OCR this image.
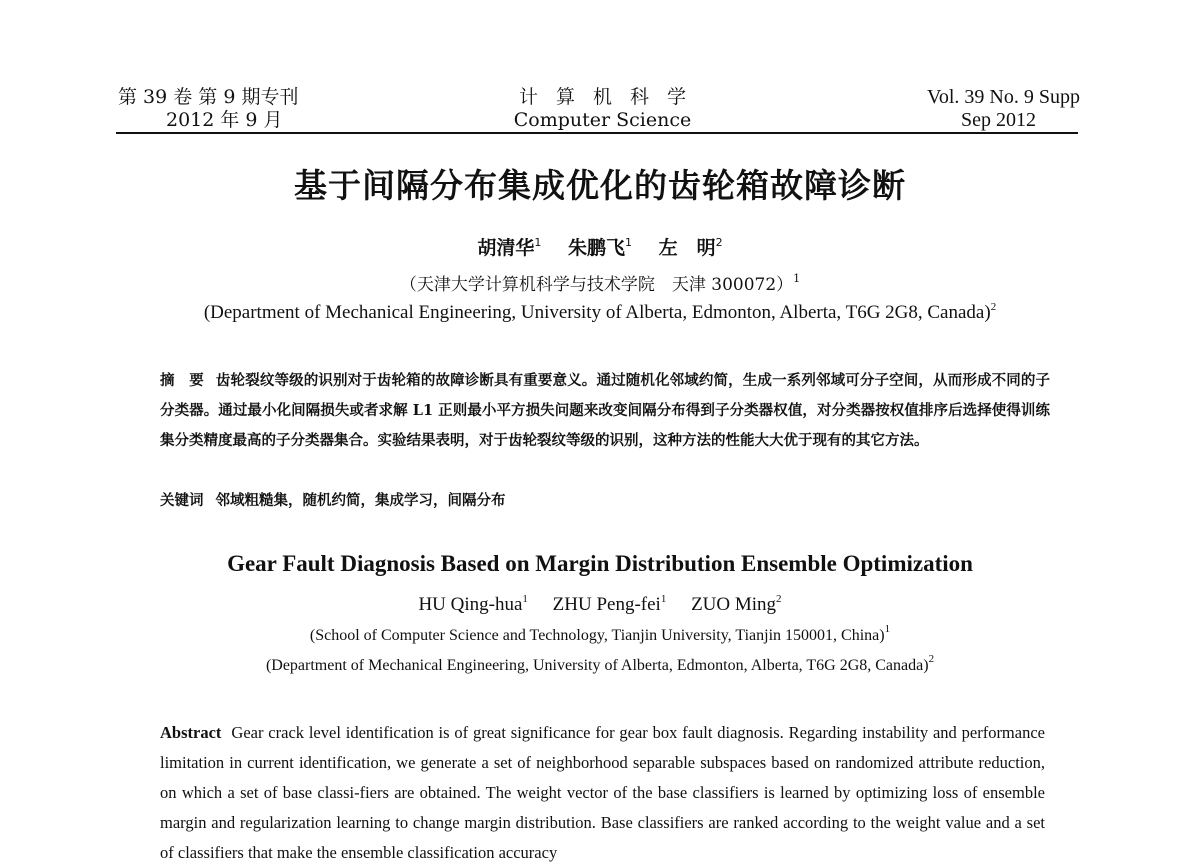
第 39 卷 第 9 期专刊
2012 年 9 月
计算机科学
Computer Science
Vol. 39 No. 9 Supp
Sep 2012
基于间隔分布集成优化的齿轮箱故障诊断
胡清华$^1$ 朱鹏飞$^1$ 左　明$^2$
（天津大学计算机科学与技术学院　天津 300072）$^1$
(Department of Mechanical Engineering, University of Alberta, Edmonton, Alberta, T6G 2G8, Canada)$^2$
摘　要 齿轮裂纹等级的识别对于齿轮箱的故障诊断具有重要意义。通过随机化邻域约简，生成一系列邻域可分子空间，从而形成不同的子分类器。通过最小化间隔损失或者求解 L1 正则最小平方损失问题来改变间隔分布得到子分类器权值，对分类器按权值排序后选择使得训练集分类精度最高的子分类器集合。实验结果表明，对于齿轮裂纹等级的识别，这种方法的性能大大优于现有的其它方法。
关键词 邻域粗糙集，随机约简，集成学习，间隔分布
Gear Fault Diagnosis Based on Margin Distribution Ensemble Optimization
HU Qing-hua$^1$ ZHU Peng-fei$^1$ ZUO Ming$^2$
(School of Computer Science and Technology, Tianjin University, Tianjin 150001, China)$^1$
(Department of Mechanical Engineering, University of Alberta, Edmonton, Alberta, T6G 2G8, Canada)$^2$
Abstract Gear crack level identification is of great significance for gear box fault diagnosis. Regarding instability and performance limitation in current identification, we generate a set of neighborhood separable subspaces based on randomized attribute reduction, on which a set of base classi-fiers are obtained. The weight vector of the base classifiers is learned by optimizing loss of ensemble margin and regularization learning to change margin distribution. Base classifiers are ranked according to the weight value and a set of classifiers that make the ensemble classification accuracy
